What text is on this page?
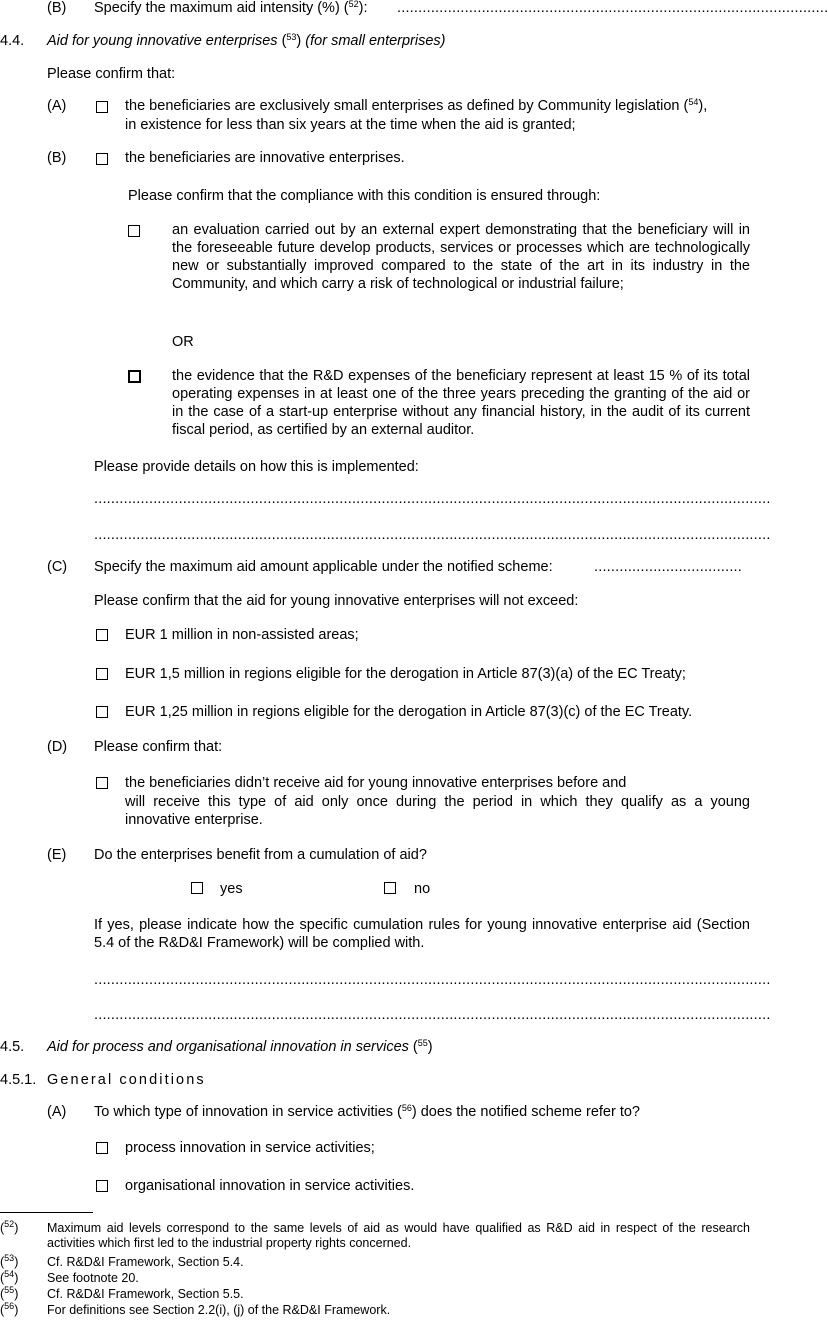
(B) Specify the maximum aid intensity (%) ($^{52}$): ......................................................................................................
4.4. Aid for young innovative enterprises ($^{53}$) (for small enterprises)
Please confirm that:
(A)	the beneficiaries are exclusively small enterprises as defined by Community legislation ($^{54}$),
in existence for less than six years at the time when the aid is granted;
(B)	the beneficiaries are innovative enterprises.
Please confirm that the compliance with this condition is ensured through:
an evaluation carried out by an external expert demonstrating that the beneficiary will in the foreseeable future develop products, services or processes which are technologically new or substantially improved compared to the state of the art in its industry in the Community, and which carry a risk of technological or industrial failure;
OR
the evidence that the R&D expenses of the beneficiary represent at least 15 % of its total operating expenses in at least one of the three years preceding the granting of the aid or in the case of a start-up enterprise without any financial history, in the audit of its current fiscal period, as certified by an external auditor.
Please provide details on how this is implemented:
................................................................................................................................................................
................................................................................................................................................................
(C) Specify the maximum aid amount applicable under the notified scheme:	...................................
Please confirm that the aid for young innovative enterprises will not exceed:
EUR 1 million in non-assisted areas;
EUR 1,5 million in regions eligible for the derogation in Article 87(3)(a) of the EC Treaty;
EUR 1,25 million in regions eligible for the derogation in Article 87(3)(c) of the EC Treaty.
(D) Please confirm that:
the beneficiaries didn’t receive aid for young innovative enterprises before and
will receive this type of aid only once during the period in which they qualify as a young innovative enterprise.
(E) Do the enterprises benefit from a cumulation of aid?
yes	no
If yes, please indicate how the specific cumulation rules for young innovative enterprise aid (Section 5.4 of the R&D&I Framework) will be complied with.
................................................................................................................................................................
................................................................................................................................................................
4.5. Aid for process and organisational innovation in services ($^{55}$)
4.5.1. General conditions
(A) To which type of innovation in service activities ($^{56}$) does the notified scheme refer to?
process innovation in service activities;
organisational innovation in service activities.
($^{52}$) Maximum aid levels correspond to the same levels of aid as would have qualified as R&D aid in respect of the research activities which first led to the industrial property rights concerned.
($^{53}$) Cf. R&D&I Framework, Section 5.4.
($^{54}$) See footnote 20.
($^{55}$) Cf. R&D&I Framework, Section 5.5.
($^{56}$) For definitions see Section 2.2(i), (j) of the R&D&I Framework.
